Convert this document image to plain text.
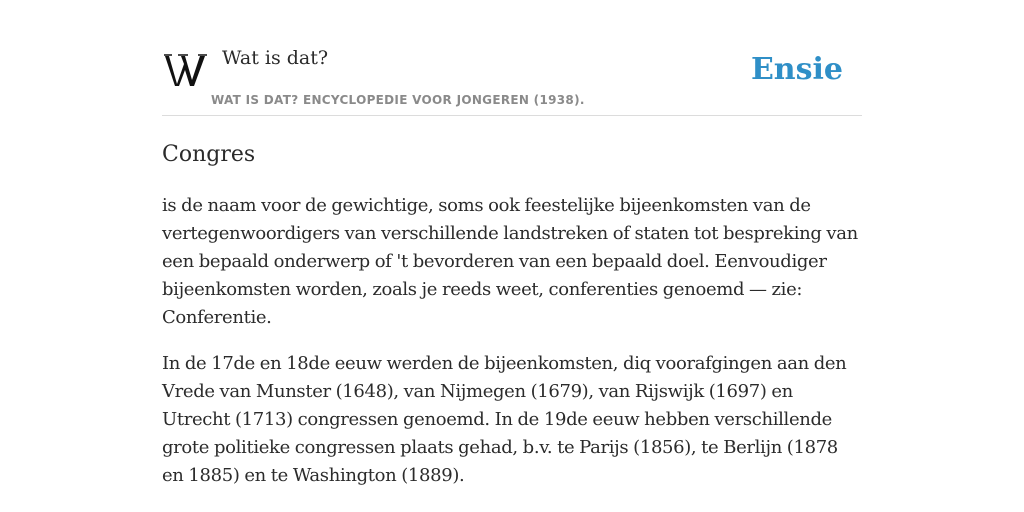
Wat is dat?
WAT IS DAT? ENCYCLOPEDIE VOOR JONGEREN (1938).
Ensie
Congres

is de naam voor de gewichtige, soms ook feestelijke bijeenkomsten van de vertegenwoordigers van verschillende landstreken of staten tot bespreking van een bepaald onderwerp of 't bevorderen van een bepaald doel. Eenvoudiger bijeenkomsten worden, zoals je reeds weet, conferenties genoemd — zie: Conferentie.

In de 17de en 18de eeuw werden de bijeenkomsten, diq voorafgingen aan den Vrede van Munster (1648), van Nijmegen (1679), van Rijswijk (1697) en Utrecht (1713) congressen genoemd. In de 19de eeuw hebben verschillende grote politieke congressen plaats gehad, b.v. te Parijs (1856), te Berlijn (1878 en 1885) en te Washington (1889).
